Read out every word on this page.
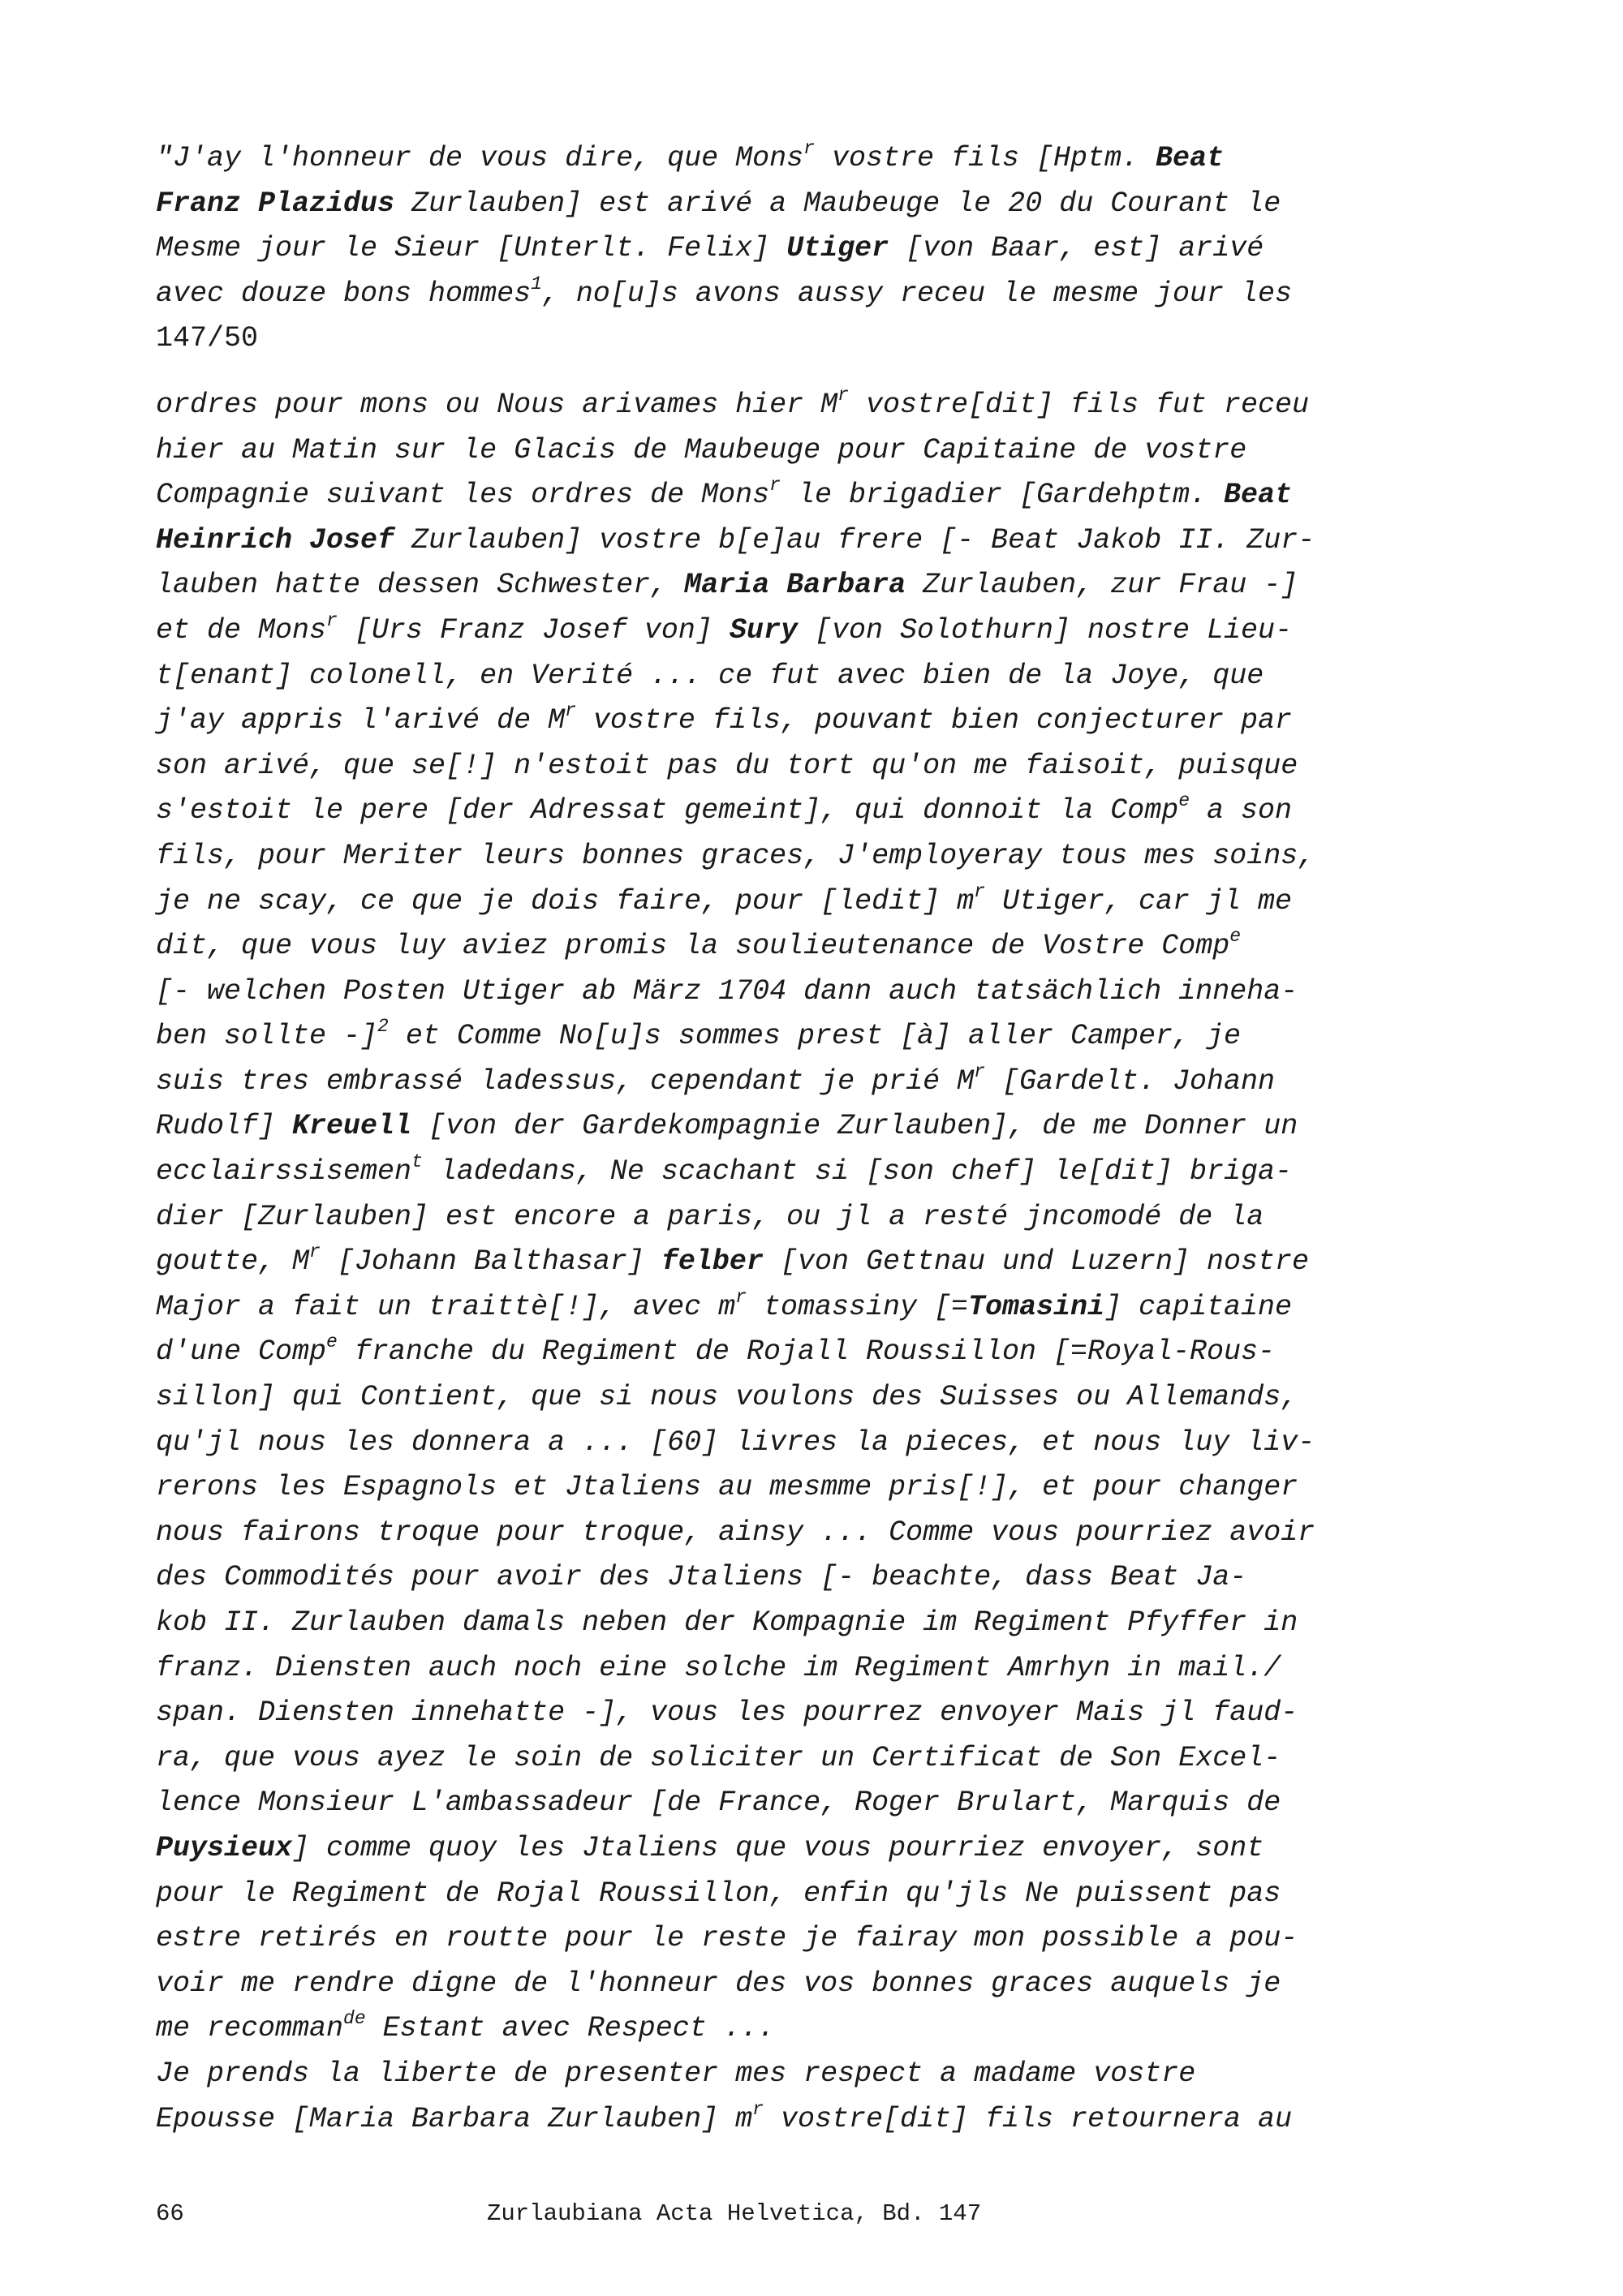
"J'ay l'honneur de vous dire, que Mons$^r$ vostre fils [Hptm. Beat
Franz Plazidus Zurlauben] est arivé a Maubeuge le 20 du Courant le
Mesme jour le Sieur [Unterlt. Felix] Utiger [von Baar, est] arivé
avec douze bons hommes$^1$, no[u]s avons aussy receu le mesme jour les
147/50
ordres pour mons ou Nous arivames hier $M^r$ vostre[dit] fils fut receu
hier au Matin sur le Glacis de Maubeuge pour Capitaine de vostre
Compagnie suivant les ordres de Mons$^r$ le brigadier [Gardehptm. Beat
Heinrich Josef Zurlauben] vostre b[e]au frere [- Beat Jakob II. Zur-
lauben hatte dessen Schwester, Maria Barbara Zurlauben, zur Frau -]
et de Mons$^r$ [Urs Franz Josef von] Sury [von Solothurn] nostre Lieu-
t[enant] colonell, en Verité ... ce fut avec bien de la Joye, que
j'ay appris l'arivé de $M^r$ vostre fils, pouvant bien conjecturer par
son arivé, que se[!] n'estoit pas du tort qu'on me faisoit, puisque
s'estoit le pere [der Adressat gemeint], qui donnoit la Comp$^e$ a son
fils, pour Meriter leurs bonnes graces, J'employeray tous mes soins,
je ne scay, ce que je dois faire, pour [ledit] $m^r$ Utiger, car jl me
dit, que vous luy aviez promis la soulieutenance de Vostre Comp$^e$
[- welchen Posten Utiger ab März 1704 dann auch tatsächlich inneha-
ben sollte -]$^2$ et Comme No[u]s sommes prest [à] aller Camper, je
suis tres embrassé ladessus, cependant je prié $M^r$ [Gardelt. Johann
Rudolf] Kreuell [von der Gardekompagnie Zurlauben], de me Donner un
ecclairssisemen$^t$ ladedans, Ne scachant si [son chef] le[dit] briga-
dier [Zurlauben] est encore a paris, ou jl a resté jncomodé de la
goutte, $M^r$ [Johann Balthasar] felber [von Gettnau und Luzern] nostre
Major a fait un traittè[!], avec $m^r$ tomassiny [=Tomasini] capitaine
d'une Comp$^e$ franche du Regiment de Rojall Roussillon [=Royal-Rous-
sillon] qui Contient, que si nous voulons des Suisses ou Allemands,
qu'jl nous les donnera a ... [60] livres la pieces, et nous luy liv-
rerons les Espagnols et Jtaliens au mesmme pris[!], et pour changer
nous fairons troque pour troque, ainsy ... Comme vous pourriez avoir
des Commodités pour avoir des Jtaliens [- beachte, dass Beat Ja-
kob II. Zurlauben damals neben der Kompagnie im Regiment Pfyffer in
franz. Diensten auch noch eine solche im Regiment Amrhyn in mail./
span. Diensten innehatte -], vous les pourrez envoyer Mais jl faud-
ra, que vous ayez le soin de soliciter un Certificat de Son Excel-
lence Monsieur L'ambassadeur [de France, Roger Brulart, Marquis de
Puysieux] comme quoy les Jtaliens que vous pourriez envoyer, sont
pour le Regiment de Rojal Roussillon, enfin qu'jls Ne puissent pas
estre retirés en routte pour le reste je fairay mon possible a pou-
voir me rendre digne de l'honneur des vos bonnes graces auquels je
me recomman$^{de}$ Estant avec Respect ...
Je prends la liberte de presenter mes respect a madame vostre
Epousse [Maria Barbara Zurlauben] $m^r$ vostre[dit] fils retournera au
66	Zurlaubiana Acta Helvetica, Bd. 147
